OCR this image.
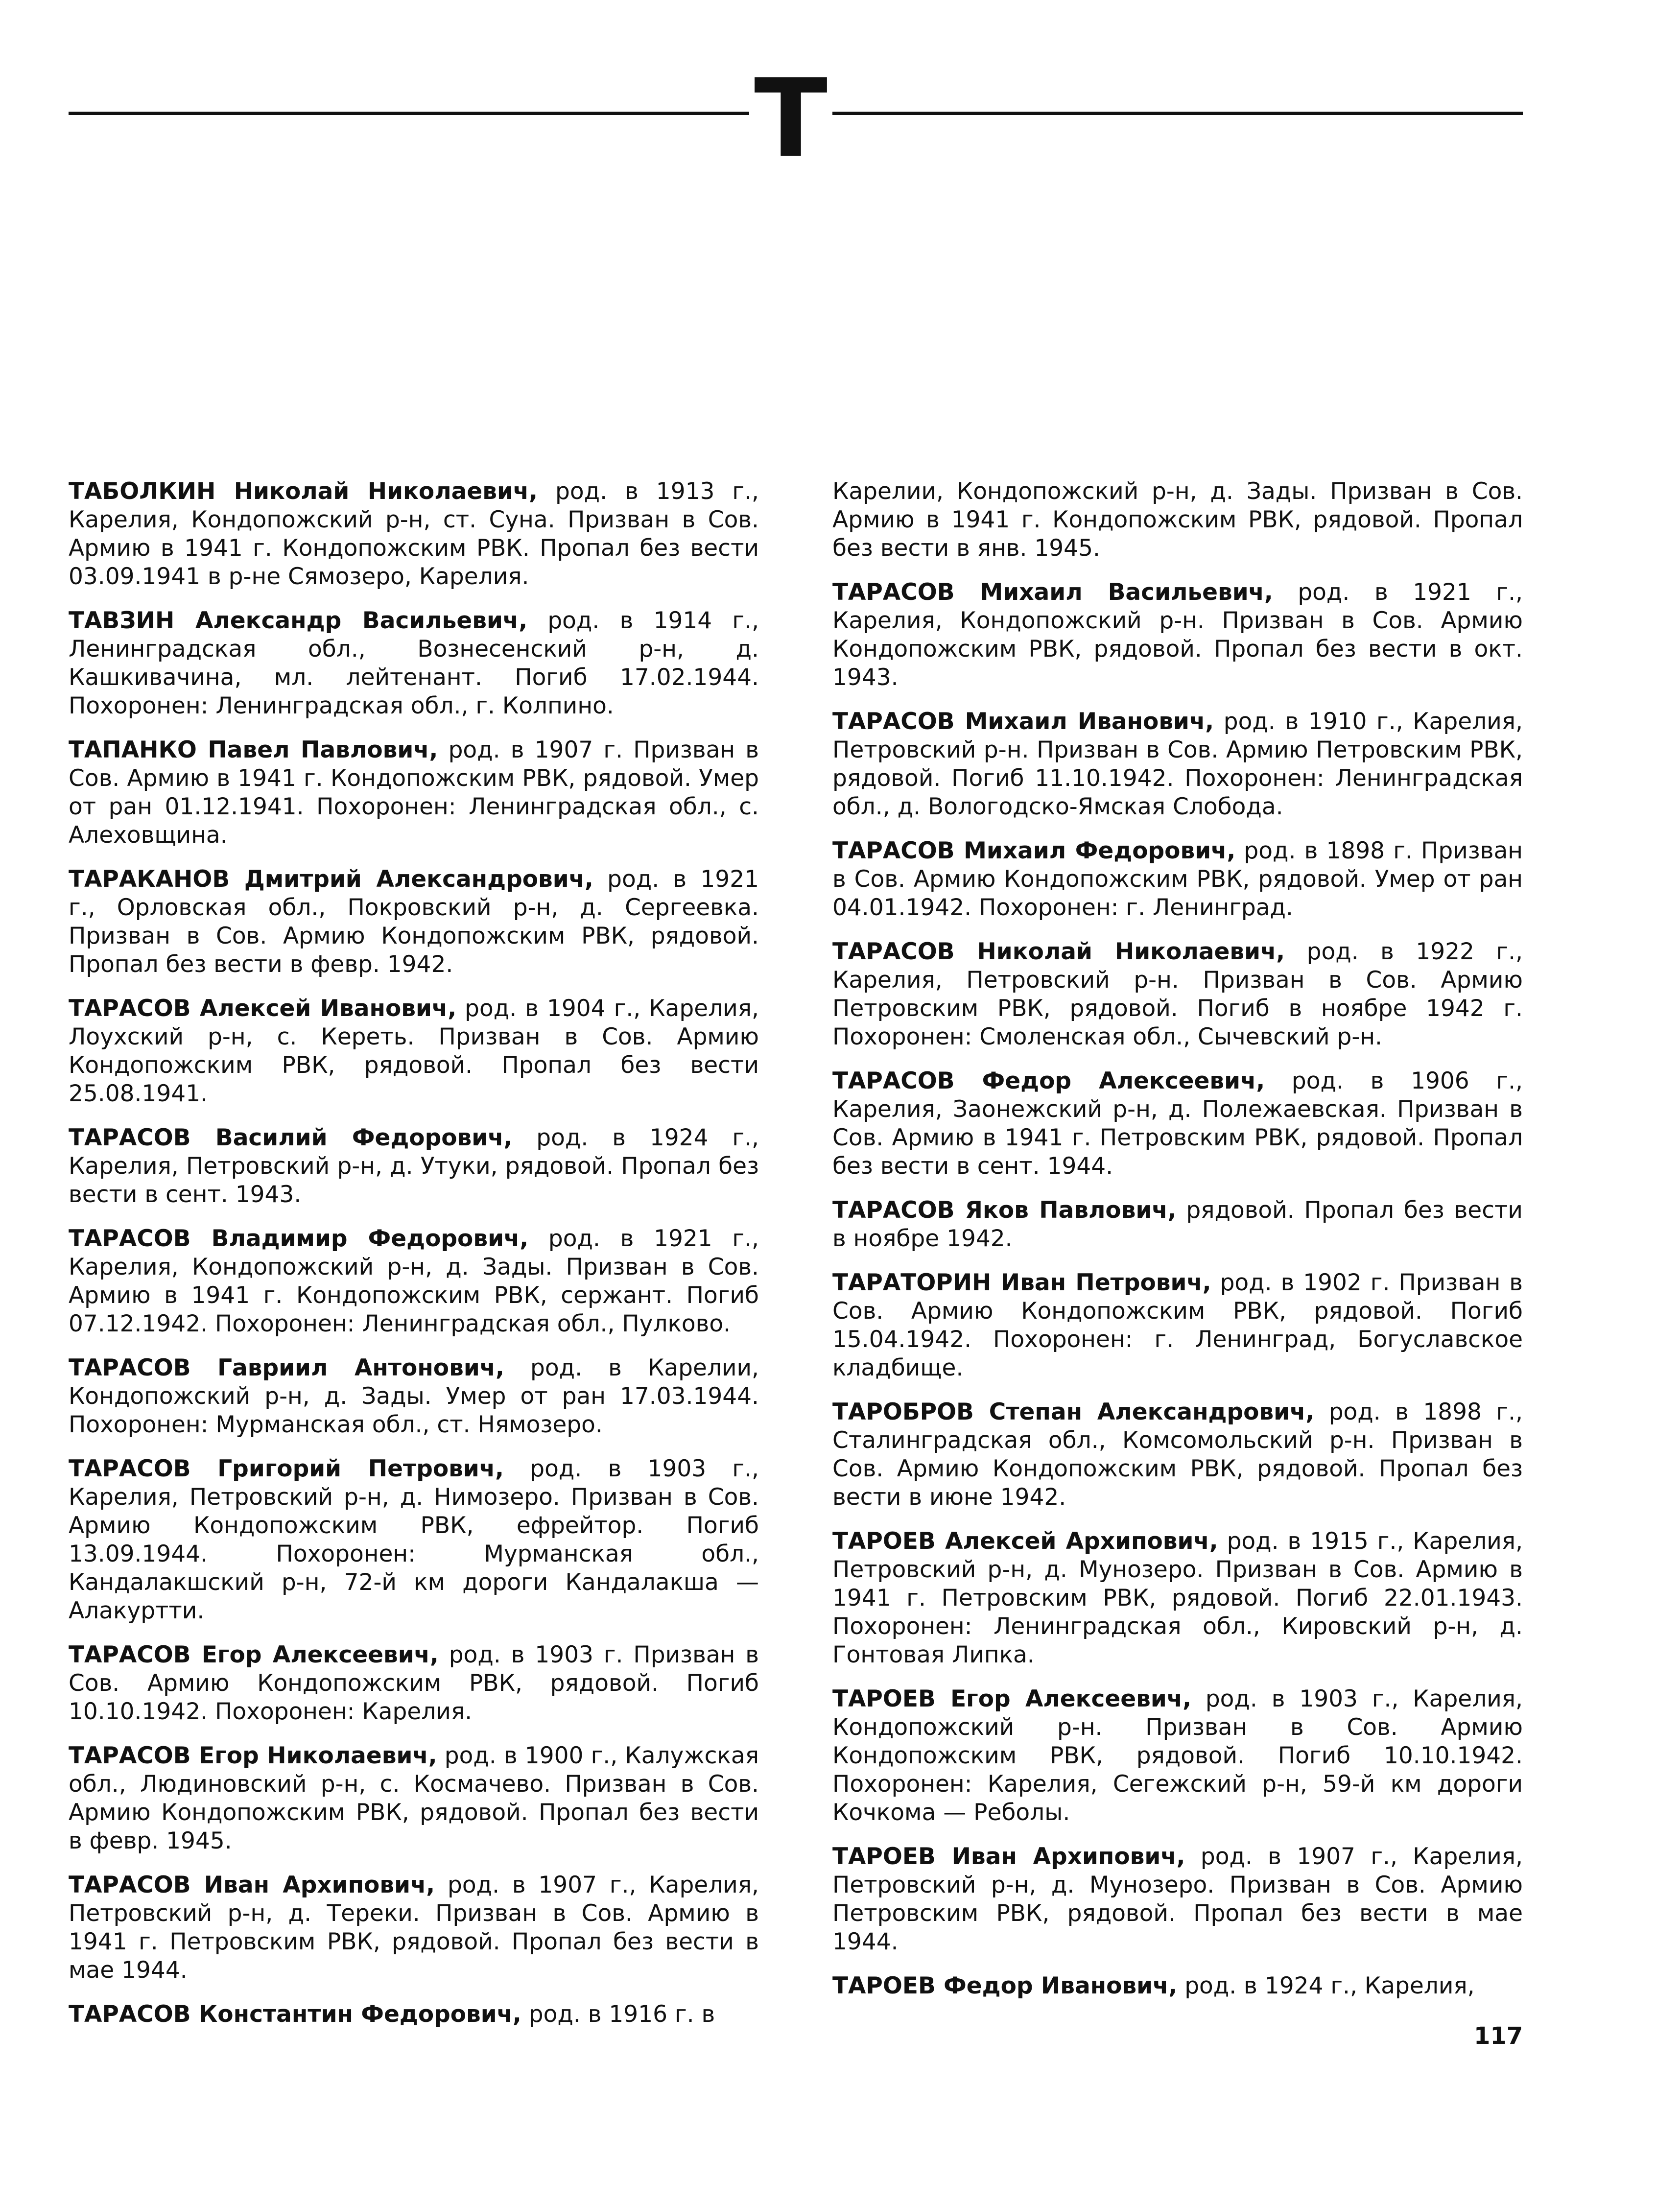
Т
ТАБОЛКИН Николай Николаевич, род. в 1913 г., Карелия, Кондопожский р-н, ст. Суна. Призван в Сов. Армию в 1941 г. Кондопожским РВК. Пропал без вести 03.09.1941 в р-не Сямозеро, Карелия.
ТАВЗИН Александр Васильевич, род. в 1914 г., Ленинградская обл., Вознесенский р-н, д. Кашкивачина, мл. лейтенант. Погиб 17.02.1944. Похоронен: Ленинградская обл., г. Колпино.
ТАПАНКО Павел Павлович, род. в 1907 г. Призван в Сов. Армию в 1941 г. Кондопожским РВК, рядовой. Умер от ран 01.12.1941. Похоронен: Ленинградская обл., с. Алеховщина.
ТАРАКАНОВ Дмитрий Александрович, род. в 1921 г., Орловская обл., Покровский р-н, д. Сергеевка. Призван в Сов. Армию Кондопожским РВК, рядовой. Пропал без вести в февр. 1942.
ТАРАСОВ Алексей Иванович, род. в 1904 г., Карелия, Лоухский р-н, с. Кереть. Призван в Сов. Армию Кондопожским РВК, рядовой. Пропал без вести 25.08.1941.
ТАРАСОВ Василий Федорович, род. в 1924 г., Карелия, Петровский р-н, д. Утуки, рядовой. Пропал без вести в сент. 1943.
ТАРАСОВ Владимир Федорович, род. в 1921 г., Карелия, Кондопожский р-н, д. Зады. Призван в Сов. Армию в 1941 г. Кондопожским РВК, сержант. Погиб 07.12.1942. Похоронен: Ленинградская обл., Пулково.
ТАРАСОВ Гавриил Антонович, род. в Карелии, Кондопожский р-н, д. Зады. Умер от ран 17.03.1944. Похоронен: Мурманская обл., ст. Нямозеро.
ТАРАСОВ Григорий Петрович, род. в 1903 г., Карелия, Петровский р-н, д. Нимозеро. Призван в Сов. Армию Кондопожским РВК, ефрейтор. Погиб 13.09.1944. Похоронен: Мурманская обл., Кандалакшский р-н, 72-й км дороги Кандалакша — Алакуртти.
ТАРАСОВ Егор Алексеевич, род. в 1903 г. Призван в Сов. Армию Кондопожским РВК, рядовой. Погиб 10.10.1942. Похоронен: Карелия.
ТАРАСОВ Егор Николаевич, род. в 1900 г., Калужская обл., Людиновский р-н, с. Космачево. Призван в Сов. Армию Кондопожским РВК, рядовой. Пропал без вести в февр. 1945.
ТАРАСОВ Иван Архипович, род. в 1907 г., Карелия, Петровский р-н, д. Тереки. Призван в Сов. Армию в 1941 г. Петровским РВК, рядовой. Пропал без вести в мае 1944.
ТАРАСОВ Константин Федорович, род. в 1916 г. в
Карелии, Кондопожский р-н, д. Зады. Призван в Сов. Армию в 1941 г. Кондопожским РВК, рядовой. Пропал без вести в янв. 1945.
ТАРАСОВ Михаил Васильевич, род. в 1921 г., Карелия, Кондопожский р-н. Призван в Сов. Армию Кондопожским РВК, рядовой. Пропал без вести в окт. 1943.
ТАРАСОВ Михаил Иванович, род. в 1910 г., Карелия, Петровский р-н. Призван в Сов. Армию Петровским РВК, рядовой. Погиб 11.10.1942. Похоронен: Ленинградская обл., д. Вологодско-Ямская Слобода.
ТАРАСОВ Михаил Федорович, род. в 1898 г. Призван в Сов. Армию Кондопожским РВК, рядовой. Умер от ран 04.01.1942. Похоронен: г. Ленинград.
ТАРАСОВ Николай Николаевич, род. в 1922 г., Карелия, Петровский р-н. Призван в Сов. Армию Петровским РВК, рядовой. Погиб в ноябре 1942 г. Похоронен: Смоленская обл., Сычевский р-н.
ТАРАСОВ Федор Алексеевич, род. в 1906 г., Карелия, Заонежский р-н, д. Полежаевская. Призван в Сов. Армию в 1941 г. Петровским РВК, рядовой. Пропал без вести в сент. 1944.
ТАРАСОВ Яков Павлович, рядовой. Пропал без вести в ноябре 1942.
ТАРАТОРИН Иван Петрович, род. в 1902 г. Призван в Сов. Армию Кондопожским РВК, рядовой. Погиб 15.04.1942. Похоронен: г. Ленинград, Богуславское кладбище.
ТАРОБРОВ Степан Александрович, род. в 1898 г., Сталинградская обл., Комсомольский р-н. Призван в Сов. Армию Кондопожским РВК, рядовой. Пропал без вести в июне 1942.
ТАРОЕВ Алексей Архипович, род. в 1915 г., Карелия, Петровский р-н, д. Мунозеро. Призван в Сов. Армию в 1941 г. Петровским РВК, рядовой. Погиб 22.01.1943. Похоронен: Ленинградская обл., Кировский р-н, д. Гонтовая Липка.
ТАРОЕВ Егор Алексеевич, род. в 1903 г., Карелия, Кондопожский р-н. Призван в Сов. Армию Кондопожским РВК, рядовой. Погиб 10.10.1942. Похоронен: Карелия, Сегежский р-н, 59-й км дороги Кочкома — Реболы.
ТАРОЕВ Иван Архипович, род. в 1907 г., Карелия, Петровский р-н, д. Мунозеро. Призван в Сов. Армию Петровским РВК, рядовой. Пропал без вести в мае 1944.
ТАРОЕВ Федор Иванович, род. в 1924 г., Карелия,
117
